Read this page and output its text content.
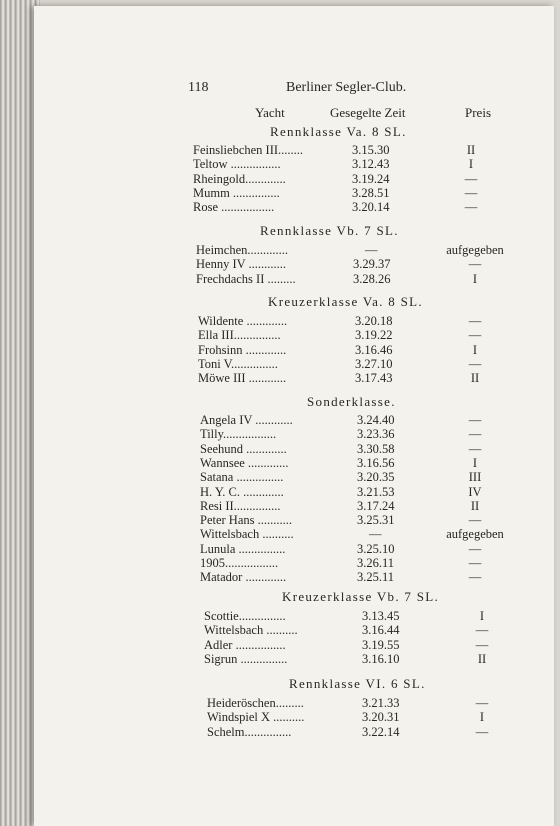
118	Berliner Segler-Club.
Yacht	Gesegelte Zeit	Preis
Rennklasse Va. 8 SL.
Feinsliebchen III........	3.15.30	II
Teltow ................	3.12.43	I
Rheingold.............	3.19.24	—
Mumm ...............	3.28.51	—
Rose .................	3.20.14	—
Rennklasse Vb. 7 SL.
Heimchen.............	—	aufgegeben
Henny IV ............	3.29.37	—
Frechdachs II .........	3.28.26	I
Kreuzerklasse Va. 8 SL.
Wildente .............	3.20.18	—
Ella III...............	3.19.22	—
Frohsinn .............	3.16.46	I
Toni V...............	3.27.10	—
Möwe III ............	3.17.43	II
Sonderklasse.
Angela IV ............	3.24.40	—
Tilly.................	3.23.36	—
Seehund .............	3.30.58	—
Wannsee .............	3.16.56	I
Satana ...............	3.20.35	III
H. Y. C. .............	3.21.53	IV
Resi II...............	3.17.24	II
Peter Hans ...........	3.25.31	—
Wittelsbach ..........	—	aufgegeben
Lunula ...............	3.25.10	—
1905.................	3.26.11	—
Matador .............	3.25.11	—
Kreuzerklasse Vb. 7 SL.
Scottie...............	3.13.45	I
Wittelsbach ..........	3.16.44	—
Adler ................	3.19.55	—
Sigrun ...............	3.16.10	II
Rennklasse VI. 6 SL.
Heideröschen.........	3.21.33	—
Windspiel X ..........	3.20.31	I
Schelm...............	3.22.14	—
